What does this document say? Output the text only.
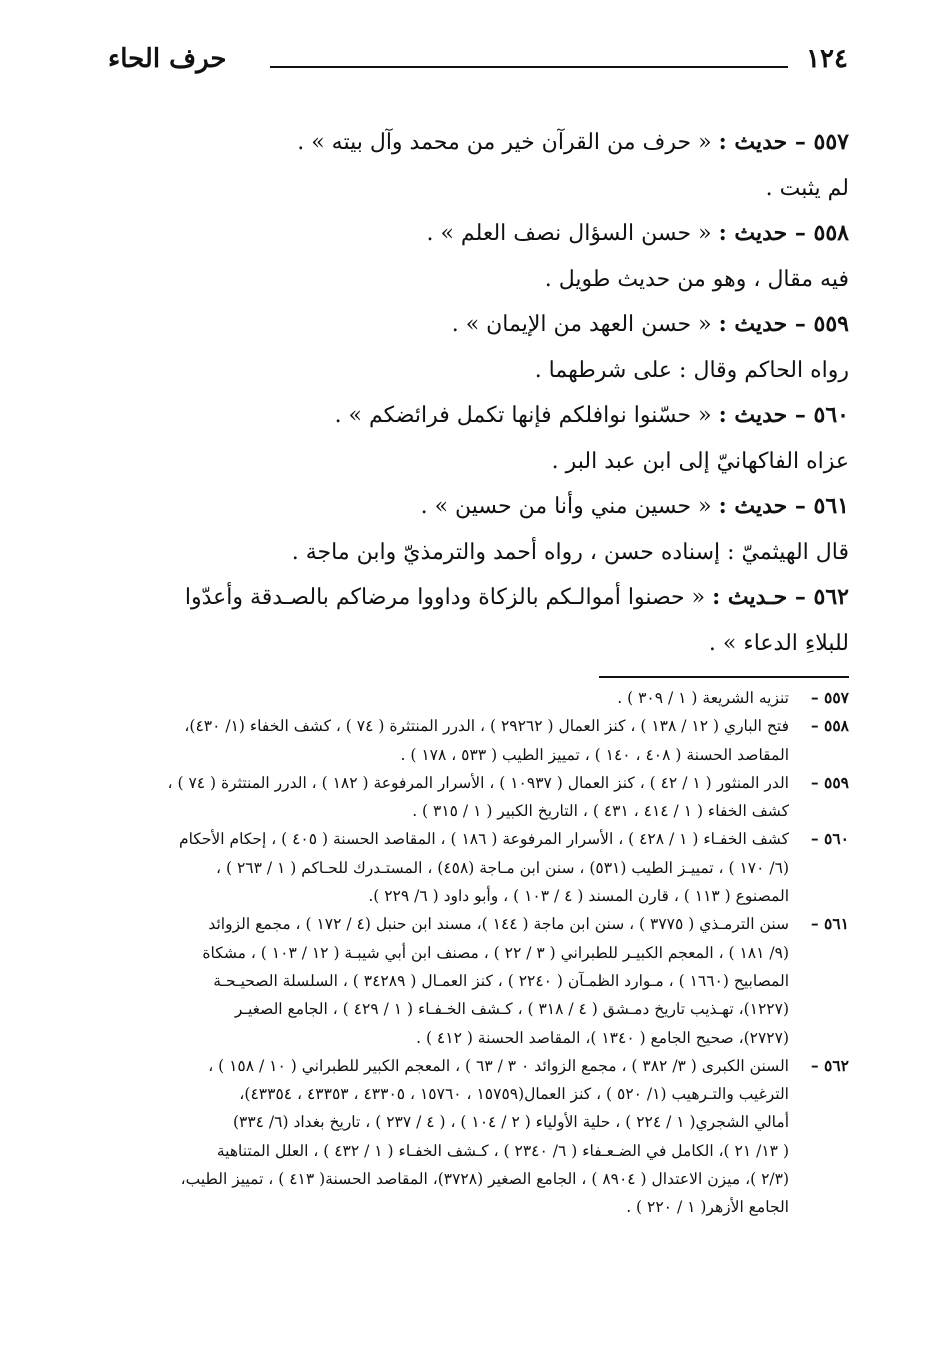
١٢٤
حرف الحاء
٥٥٧ – حديث : « حرف من القرآن خير من محمد وآل بيته » .
لم يثبت .
٥٥٨ – حديث : « حسن السؤال نصف العلم » .
فيه مقال ، وهو من حديث طويل .
٥٥٩ – حديث : « حسن العهد من الإيمان » .
رواه الحاكم وقال : على شرطهما .
٥٦٠ – حديث : « حسّنوا نوافلكم فإنها تكمل فرائضكم » .
عزاه الفاكهانيّ إلى ابن عبد البر .
٥٦١ – حديث : « حسين مني وأنا من حسين » .
قال الهيثميّ : إسناده حسن ، رواه أحمد والترمذيّ وابن ماجة .
٥٦٢ – حـديث : « حصنوا أموالـكم بالزكاة وداووا مرضاكم بالصـدقة وأعدّوا
للبلاءِ الدعاء » .
٥٥٧ –تنزيه الشريعة ( ١ / ٣٠٩ ) .
٥٥٨ –فتح الباري ( ١٢ / ١٣٨ ) ، كنز العمال ( ٢٩٢٦٢ ) ، الدرر المنتثرة ( ٧٤ ) ، كشف الخفاء (١/ ٤٣٠)،
المقاصد الحسنة ( ٤٠٨ ، ١٤٠ ) ، تمييز الطيب ( ٥٣٣ ، ١٧٨ ) .
٥٥٩ –الدر المنثور ( ١ / ٤٢ ) ، كنز العمال ( ١٠٩٣٧ ) ، الأسرار المرفوعة ( ١٨٢ ) ، الدرر المنتثرة ( ٧٤ ) ،
كشف الخفاء ( ١ / ٤١٤ ، ٤٣١ ) ، التاريخ الكبير ( ١ / ٣١٥ ) .
٥٦٠ –كشف الخفـاء ( ١ / ٤٢٨ ) ، الأسرار المرفوعة ( ١٨٦ ) ، المقاصد الحسنة ( ٤٠٥ ) ، إحكام الأحكام
(٦/ ١٧٠ ) ، تمييـز الطيب (٥٣١) ، سنن ابن مـاجة (٤٥٨) ، المستـدرك للحـاكم ( ١ / ٢٦٣ ) ،
المصنوع ( ١١٣ ) ، قارن المسند ( ٤ / ١٠٣ ) ، وأبو داود ( ٦/ ٢٢٩ ).
٥٦١ –سنن الترمـذي ( ٣٧٧٥ ) ، سنن ابن ماجة ( ١٤٤ )، مسند ابن حنبل (٤ / ١٧٢ ) ، مجمع الزوائد
(٩/ ١٨١ ) ، المعجم الكبيـر للطبراني ( ٣ / ٢٢ ) ، مصنف ابن أبي شيبـة ( ١٢ / ١٠٣ ) ، مشكاة
المصابيح (١٦٦٠ ) ، مـوارد الظمـآن ( ٢٢٤٠ ) ، كنز العمـال ( ٣٤٢٨٩ ) ، السلسلة الصحيـحـة
(١٢٢٧)، تهـذيب تاريخ دمـشق ( ٤ / ٣١٨ ) ، كـشف الخـفـاء ( ١ / ٤٢٩ ) ، الجامع الصغيـر
(٢٧٢٧)، صحيح الجامع ( ١٣٤٠ )، المقاصد الحسنة ( ٤١٢ ) .
٥٦٢ –السنن الكبرى ( ٣/ ٣٨٢ ) ، مجمع الزوائد ٠ ٣ / ٦٣ ) ، المعجم الكبير للطبراني ( ١٠ / ١٥٨ ) ،
الترغيب والتـرهيب (١/ ٥٢٠ ) ، كنز العمال(١٥٧٥٩ ، ١٥٧٦٠ ، ٤٣٣٠٥ ، ٤٣٣٥٣ ، ٤٣٣٥٤)،
أمالي الشجري( ١ / ٢٢٤ ) ، حلية الأولياء ( ٢ / ١٠٤ ) ، ( ٤ / ٢٣٧ ) ، تاريخ بغداد (٦/ ٣٣٤)
( ١٣/ ٢١ )، الكامل في الضـعـفاء ( ٦/ ٢٣٤٠ ) ، كـشف الخفـاء ( ١ / ٤٣٢ ) ، العلل المتناهية
(٢/٣ )، ميزن الاعتدال ( ٨٩٠٤ ) ، الجامع الصغير (٣٧٢٨)، المقاصد الحسنة( ٤١٣ ) ، تمييز الطيب،
الجامع الأزهر( ١ / ٢٢٠ ) .
